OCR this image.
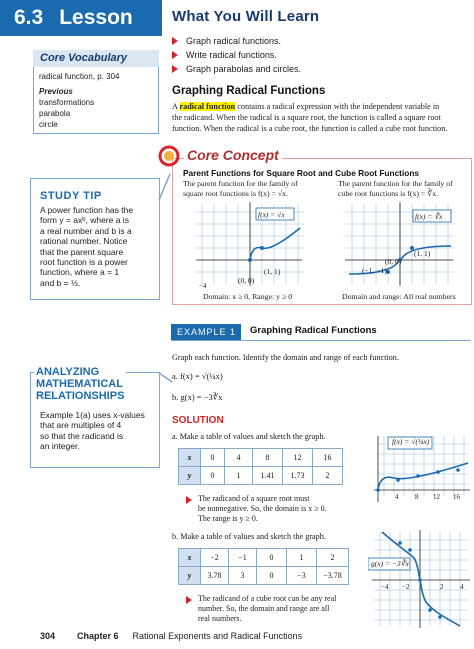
6.3 Lesson	What You Will Learn
Graph radical functions.
Write radical functions.
Graph parabolas and circles.
Core Vocabulary
radical function, p. 304
Previous
transformations
parabola
circle
Graphing Radical Functions
A radical function contains a radical expression with the independent variable in
the radicand. When the radical is a square root, the function is called a square root
function. When the radical is a cube root, the function is called a cube root function.
Core Concept
Parent Functions for Square Root and Cube Root Functions
The parent function for the family of
square root functions is f(x) = √x.
The parent function for the family of
cube root functions is f(x) = ∛x.
f(x) = √x
(0, 0)
(1, 1)
−4
f(x) = ∛x
(−1, −1)
(0, 0)
(1, 1)
Domain: x ≥ 0, Range: y ≥ 0	Domain and range: All real numbers
STUDY TIP
A power function has the
form y = axᵇ, where a is
a real number and b is a
rational number. Notice
that the parent square
root function is a power
function, where a = 1
and b = ½.
EXAMPLE 1	Graphing Radical Functions
Graph each function. Identify the domain and range of each function.
a. f(x) = √(¼x)
b. g(x) = −3∛x
ANALYZING
MATHEMATICAL
RELATIONSHIPS
Example 1(a) uses x-values
that are multiples of 4
so that the radicand is
an integer.
SOLUTION
a. Make a table of values and sketch the graph.
x	0	4	8	12	16
y	0	1	1.41	1.73	2
The radicand of a square root must
be nonnegative. So, the domain is x ≥ 0.
The range is y ≥ 0.
f(x) = √(¼x)
4 8 12 16
b. Make a table of values and sketch the graph.
x	−2	−1	0	1	2
y	3.78	3	0	−3	−3.78
The radicand of a cube root can be any real
number. So, the domain and range are all
real numbers.
g(x) = −3∛x
−4 −2	2 4
304 Chapter 6 Rational Exponents and Radical Functions
